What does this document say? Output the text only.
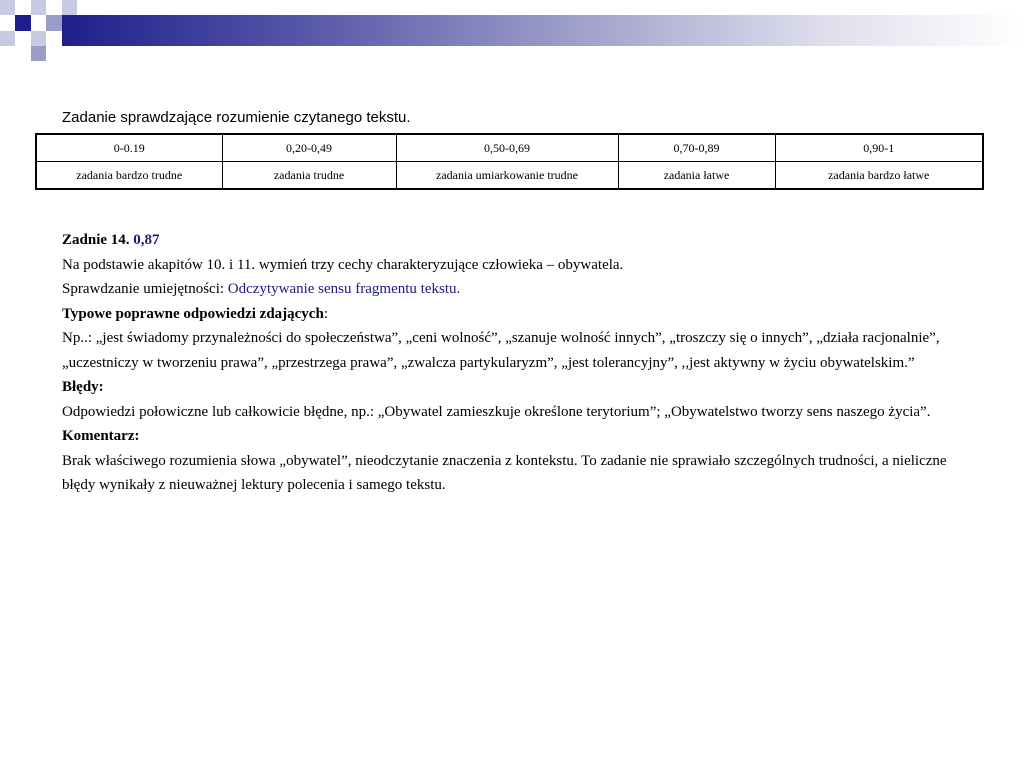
Zadanie sprawdzające rozumienie czytanego tekstu.
0-0.19	0,20-0,49	0,50-0,69	0,70-0,89	0,90-1
zadania bardzo trudne	zadania trudne	zadania umiarkowanie trudne	zadania łatwe	zadania bardzo łatwe

Zadnie 14. 0,87

Na podstawie akapitów 10. i 11. wymień trzy cechy charakteryzujące człowieka – obywatela.

Sprawdzanie umiejętności: Odczytywanie sensu fragmentu tekstu.

Typowe poprawne odpowiedzi zdających:

Np..: „jest świadomy przynależności do społeczeństwa”, „ceni wolność”, „szanuje wolność innych”, „troszczy się o innych”, „działa racjonalnie”, „uczestniczy w tworzeniu prawa”, „przestrzega prawa”, „zwalcza partykularyzm”, „jest tolerancyjny”, ,,jest aktywny w życiu obywatelskim.”

Błędy:

Odpowiedzi połowiczne lub całkowicie błędne, np.: „Obywatel zamieszkuje określone terytorium”; „Obywatelstwo tworzy sens naszego życia”.

Komentarz:

Brak właściwego rozumienia słowa „obywatel”, nieodczytanie znaczenia z kontekstu. To zadanie nie sprawiało szczególnych trudności, a nieliczne błędy wynikały z nieuważnej lektury polecenia i samego tekstu.
